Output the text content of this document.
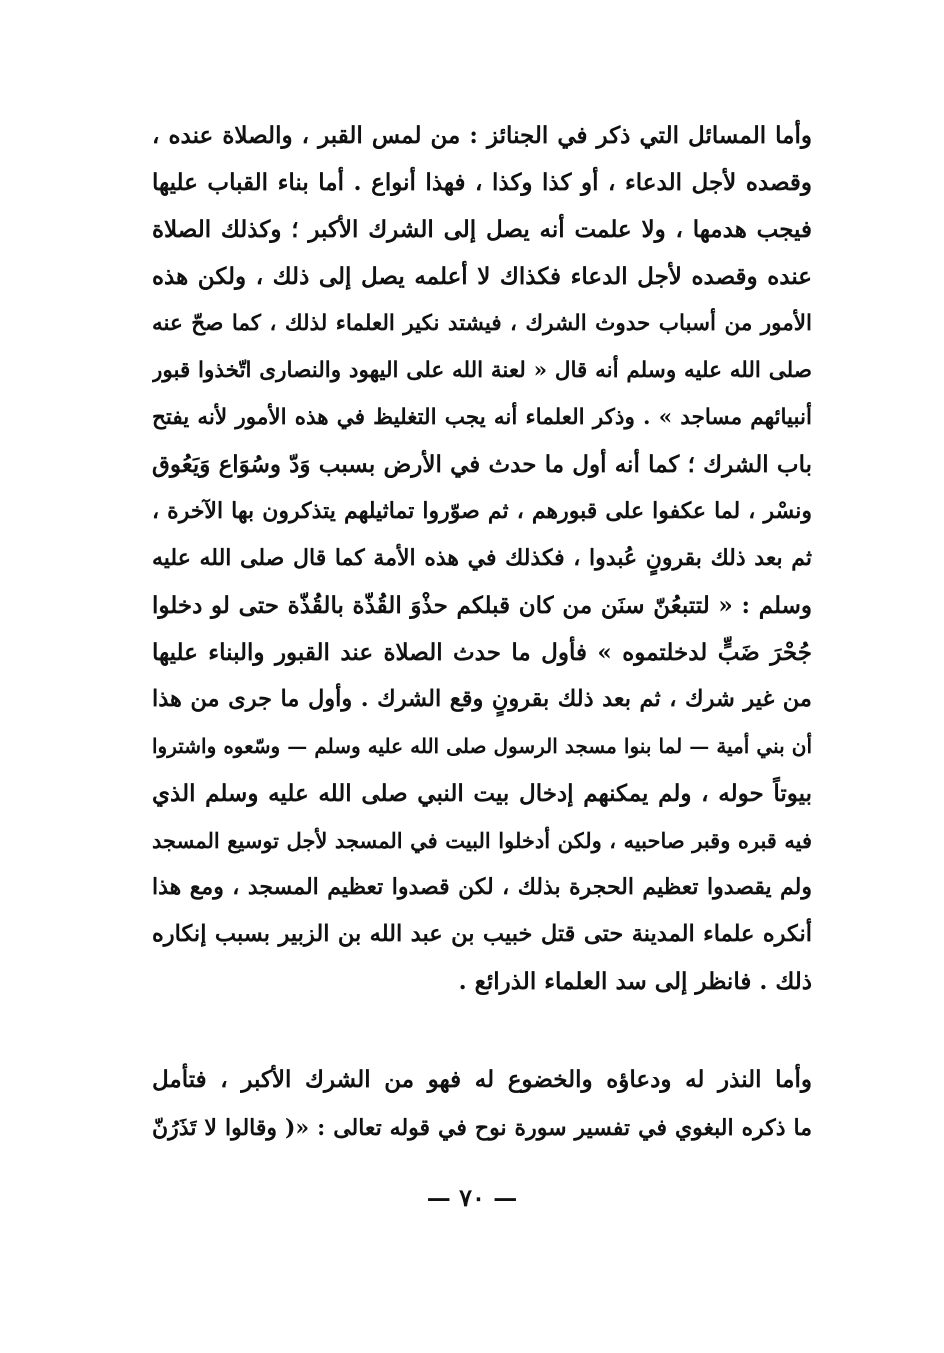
وأما المسائل التي ذكر في الجنائز : من لمس القبر ، والصلاة عنده ،
وقصده لأجل الدعاء ، أو كذا وكذا ، فهذا أنواع . أما بناء القباب عليها
فيجب هدمها ، ولا علمت أنه يصل إلى الشرك الأكبر ؛ وكذلك الصلاة
عنده وقصده لأجل الدعاء فكذاك لا أعلمه يصل إلى ذلك ، ولكن هذه
الأمور من أسباب حدوث الشرك ، فيشتد نكير العلماء لذلك ، كما صحّ عنه
صلى الله عليه وسلم أنه قال « لعنة الله على اليهود والنصارى اتّخذوا قبور
أنبيائهم مساجد » . وذكر العلماء أنه يجب التغليظ في هذه الأمور لأنه يفتح
باب الشرك ؛ كما أنه أول ما حدث في الأرض بسبب وَدّ وسُوَاع وَيَعُوق
ونسْر ، لما عكفوا على قبورهم ، ثم صوّروا تماثيلهم يتذكرون بها الآخرة ،
ثم بعد ذلك بقرونٍ عُبدوا ، فكذلك في هذه الأمة كما قال صلى الله عليه
وسلم : « لتتبعُنّ سنَن من كان قبلكم حذْوَ القُذّة بالقُذّة حتى لو دخلوا
جُحْرَ ضَبٍّ لدخلتموه » فأول ما حدث الصلاة عند القبور والبناء عليها
من غير شرك ، ثم بعد ذلك بقرونٍ وقع الشرك . وأول ما جرى من هذا
أن بني أمية — لما بنوا مسجد الرسول صلى الله عليه وسلم — وسّعوه واشتروا
بيوتاً حوله ، ولم يمكنهم إدخال بيت النبي صلى الله عليه وسلم الذي
فيه قبره وقبر صاحبيه ، ولكن أدخلوا البيت في المسجد لأجل توسيع المسجد
ولم يقصدوا تعظيم الحجرة بذلك ، لكن قصدوا تعظيم المسجد ، ومع هذا
أنكره علماء المدينة حتى قتل خبيب بن عبد الله بن الزبير بسبب إنكاره
ذلك . فانظر إلى سد العلماء الذرائع .
وأما النذر له ودعاؤه والخضوع له فهو من الشرك الأكبر ، فتأمل
ما ذكره البغوي في تفسير سورة نوح في قوله تعالى : «( وقالوا لا تَذَرُنّ
— ٧٠ —
